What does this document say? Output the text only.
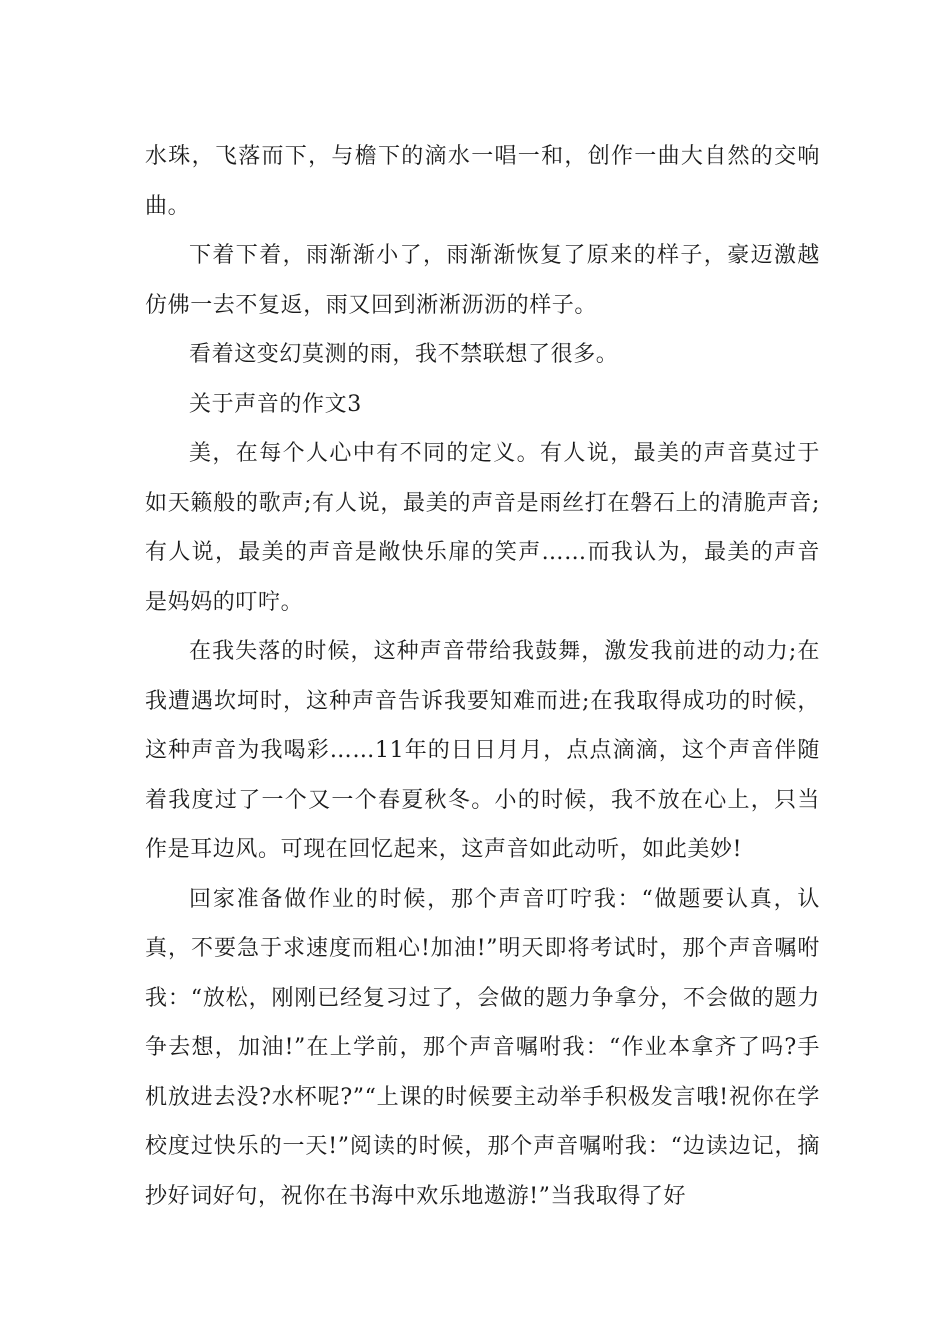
水珠，飞落而下，与檐下的滴水一唱一和，创作一曲大自然的交响曲。

下着下着，雨渐渐小了，雨渐渐恢复了原来的样子，豪迈激越仿佛一去不复返，雨又回到淅淅沥沥的样子。

看着这变幻莫测的雨，我不禁联想了很多。

关于声音的作文3

美，在每个人心中有不同的定义。有人说，最美的声音莫过于如天籁般的歌声;有人说，最美的声音是雨丝打在磐石上的清脆声音;有人说，最美的声音是敞快乐扉的笑声……而我认为，最美的声音是妈妈的叮咛。

在我失落的时候，这种声音带给我鼓舞，激发我前进的动力;在我遭遇坎坷时，这种声音告诉我要知难而进;在我取得成功的时候，这种声音为我喝彩……11年的日日月月，点点滴滴，这个声音伴随着我度过了一个又一个春夏秋冬。小的时候，我不放在心上，只当作是耳边风。可现在回忆起来，这声音如此动听，如此美妙!

回家准备做作业的时候，那个声音叮咛我：“做题要认真，认真，不要急于求速度而粗心!加油!”明天即将考试时，那个声音嘱咐我：“放松，刚刚已经复习过了，会做的题力争拿分，不会做的题力争去想，加油!”在上学前，那个声音嘱咐我：“作业本拿齐了吗?手机放进去没?水杯呢?”“上课的时候要主动举手积极发言哦!祝你在学校度过快乐的一天!”阅读的时候，那个声音嘱咐我：“边读边记，摘抄好词好句，祝你在书海中欢乐地遨游!”当我取得了好
